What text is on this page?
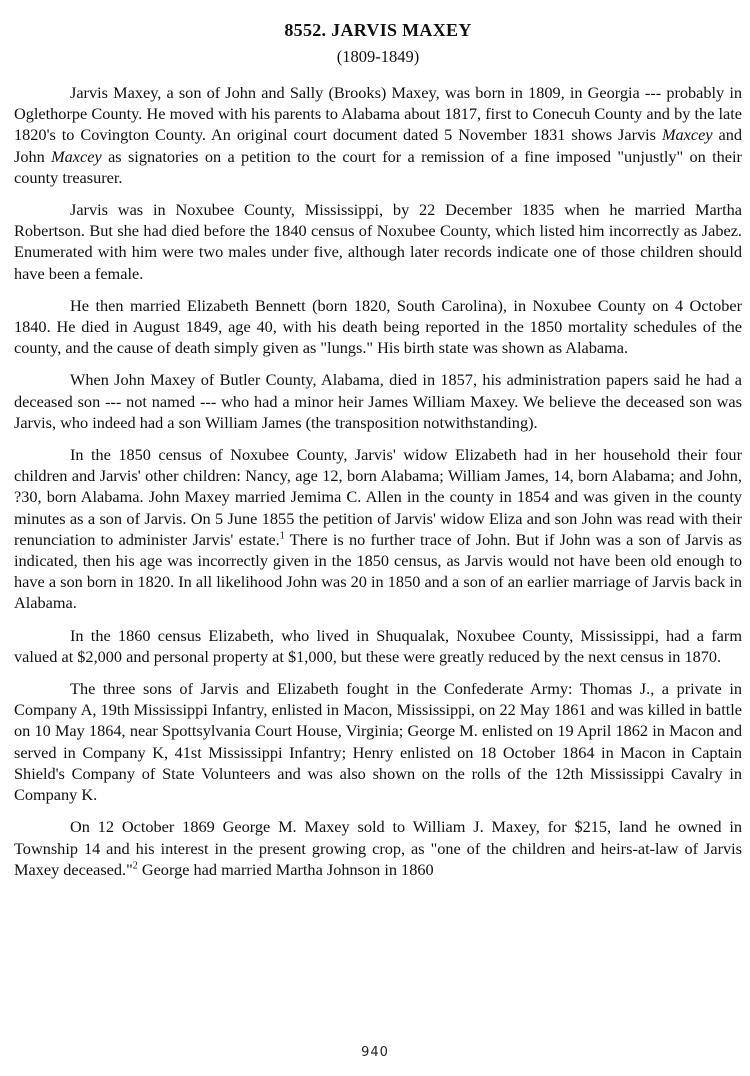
8552. JARVIS MAXEY
(1809-1849)

Jarvis Maxey, a son of John and Sally (Brooks) Maxey, was born in 1809, in Georgia --- probably in Oglethorpe County. He moved with his parents to Alabama about 1817, first to Conecuh County and by the late 1820's to Covington County. An original court document dated 5 November 1831 shows Jarvis Maxcey and John Maxcey as signatories on a petition to the court for a remission of a fine imposed "unjustly" on their county treasurer.

Jarvis was in Noxubee County, Mississippi, by 22 December 1835 when he married Martha Robertson. But she had died before the 1840 census of Noxubee County, which listed him incorrectly as Jabez. Enumerated with him were two males under five, although later records indicate one of those children should have been a female.

He then married Elizabeth Bennett (born 1820, South Carolina), in Noxubee County on 4 October 1840. He died in August 1849, age 40, with his death being reported in the 1850 mortality schedules of the county, and the cause of death simply given as "lungs." His birth state was shown as Alabama.

When John Maxey of Butler County, Alabama, died in 1857, his administration papers said he had a deceased son --- not named --- who had a minor heir James William Maxey. We believe the deceased son was Jarvis, who indeed had a son William James (the transposition notwithstanding).

In the 1850 census of Noxubee County, Jarvis' widow Elizabeth had in her household their four children and Jarvis' other children: Nancy, age 12, born Alabama; William James, 14, born Alabama; and John, ?30, born Alabama. John Maxey married Jemima C. Allen in the county in 1854 and was given in the county minutes as a son of Jarvis. On 5 June 1855 the petition of Jarvis' widow Eliza and son John was read with their renunciation to administer Jarvis' estate.$^1$ There is no further trace of John. But if John was a son of Jarvis as indicated, then his age was incorrectly given in the 1850 census, as Jarvis would not have been old enough to have a son born in 1820. In all likelihood John was 20 in 1850 and a son of an earlier marriage of Jarvis back in Alabama.

In the 1860 census Elizabeth, who lived in Shuqualak, Noxubee County, Mississippi, had a farm valued at $2,000 and personal property at $1,000, but these were greatly reduced by the next census in 1870.

The three sons of Jarvis and Elizabeth fought in the Confederate Army: Thomas J., a private in Company A, 19th Mississippi Infantry, enlisted in Macon, Mississippi, on 22 May 1861 and was killed in battle on 10 May 1864, near Spottsylvania Court House, Virginia; George M. enlisted on 19 April 1862 in Macon and served in Company K, 41st Mississippi Infantry; Henry enlisted on 18 October 1864 in Macon in Captain Shield's Company of State Volunteers and was also shown on the rolls of the 12th Mississippi Cavalry in Company K.

On 12 October 1869 George M. Maxey sold to William J. Maxey, for $215, land he owned in Township 14 and his interest in the present growing crop, as "one of the children and heirs-at-law of Jarvis Maxey deceased."$^2$ George had married Martha Johnson in 1860

940
